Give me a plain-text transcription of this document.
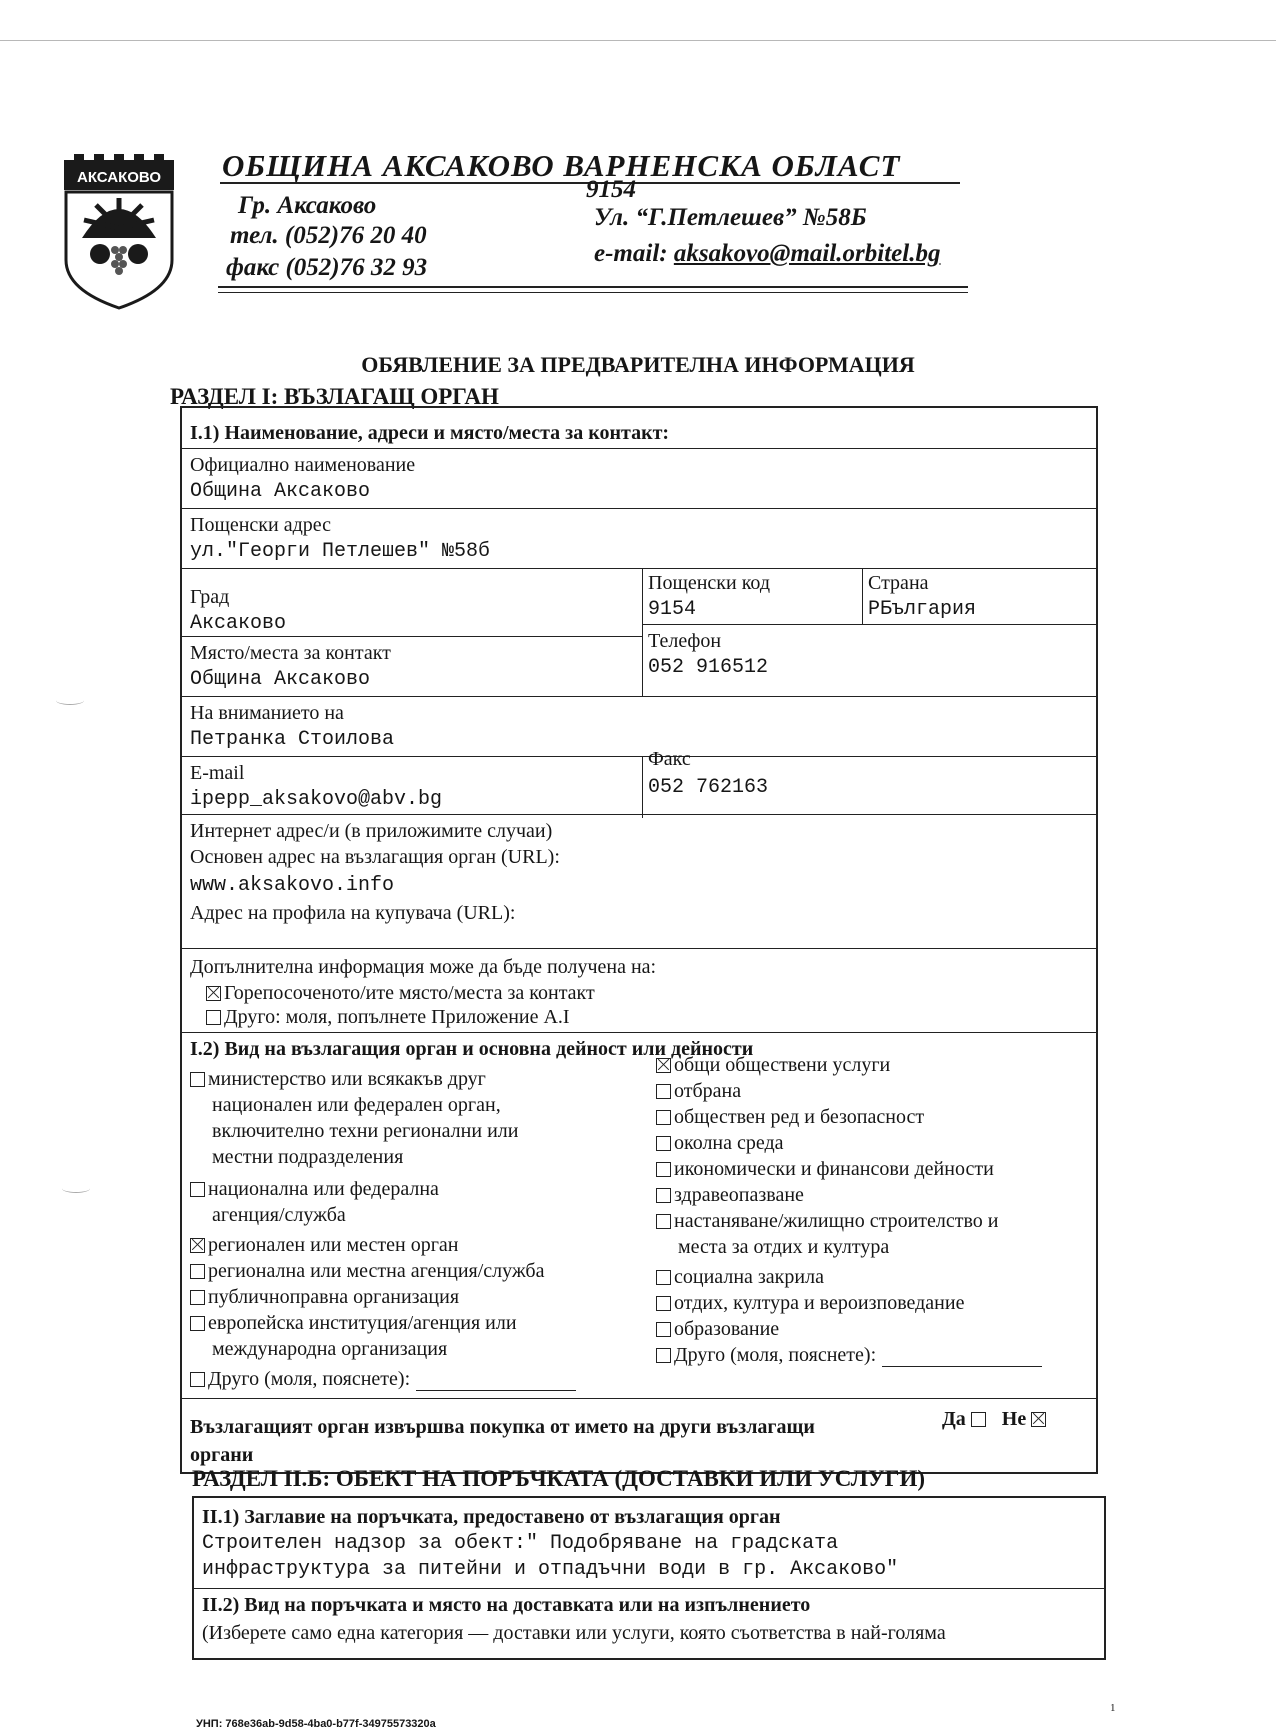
АКСАКОВО ОБЩИНА АКСАКОВО ВАРНЕНСКА ОБЛАСТ
Гр. Аксаково
9154
тел. (052)76 20 40
Ул. “Г.Петлешев” №58Б
факс (052)76 32 93
e-mail: aksakovo@mail.orbitel.bg
ОБЯВЛЕНИЕ ЗА ПРЕДВАРИТЕЛНА ИНФОРМАЦИЯ
РАЗДЕЛ I: ВЪЗЛАГАЩ ОРГАН
I.1) Наименование, адреси и място/места за контакт:
Официално наименование
Община Аксаково
Пощенски адрес
ул."Георги Петлешев" №58б
Град
Аксаково
Пощенски код
9154
Страна
РБългария
Място/места за контакт
Община Аксаково
Телефон
052 916512
На вниманието на
Петранка Стоилова
E-mail
ipepp_aksakovo@abv.bg
Факс
052 762163
Интернет адрес/и (в приложимите случаи)
Основен адрес на възлагащия орган (URL):
www.aksakovo.info
Адрес на профила на купувача (URL):
Допълнителна информация може да бъде получена на:
Горепосоченото/ите място/места за контакт
Друго: моля, попълнете Приложение А.I
I.2) Вид на възлагащия орган и основна дейност или дейности
министерство или всякакъв друг
национален или федерален орган,
включително техни регионални или
местни подразделения
национална или федерална
агенция/служба
регионален или местен орган
регионална или местна агенция/служба
публичноправна организация
европейска институция/агенция или
международна организация
Друго (моля, пояснете):
общи обществени услуги
отбрана
обществен ред и безопасност
околна среда
икономически и финансови дейности
здравеопазване
настаняване/жилищно строителство и
места за отдих и култура
социална закрила
отдих, култура и вероизповедание
образование
Друго (моля, пояснете):
Възлагащият орган извършва покупка от името на други възлагащи
органи
Да Не
РАЗДЕЛ II.Б: ОБЕКТ НА ПОРЪЧКАТА (ДОСТАВКИ ИЛИ УСЛУГИ)
II.1) Заглавие на поръчката, предоставено от възлагащия орган
Строителен надзор за обект:" Подобряване на градската
инфраструктура за питейни и отпадъчни води в гр. Аксаково"
II.2) Вид на поръчката и място на доставката или на изпълнението
(Изберете само една категория — доставки или услуги, която съответства в най-голяма
УНП: 768e36ab-9d58-4ba0-b77f-34975573320a
1
